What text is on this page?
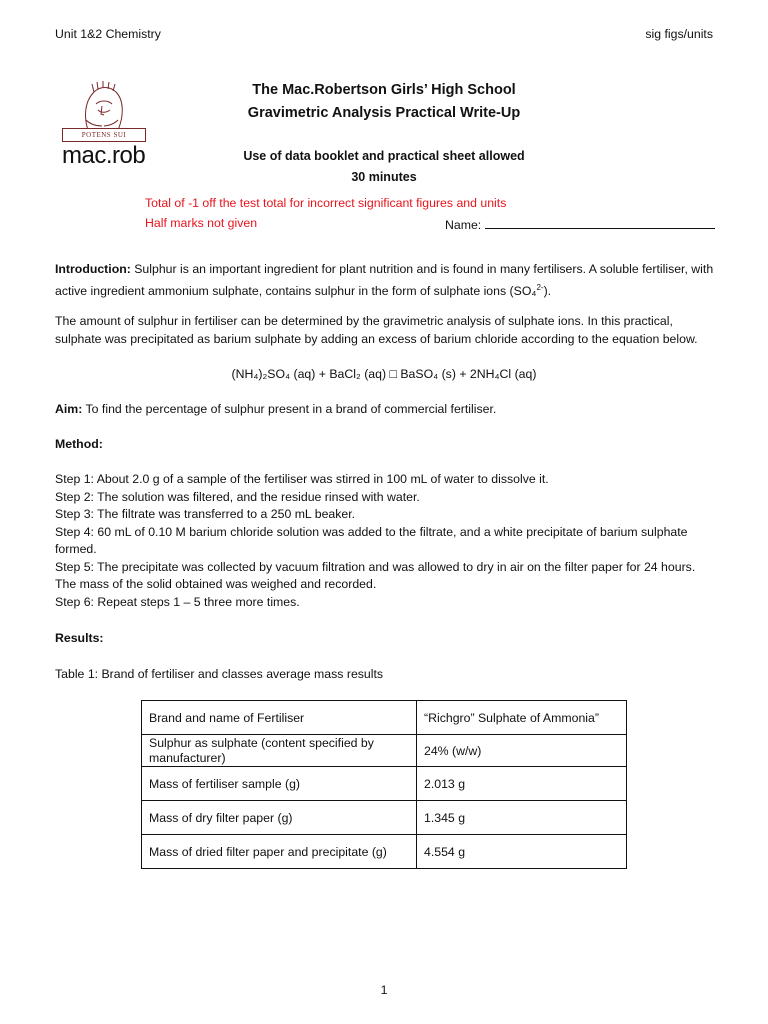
Unit 1&2 Chemistry	sig figs/units
POTENS SUI
mac.rob
The Mac.Robertson Girls’ High School
Gravimetric Analysis Practical Write-Up
Use of data booklet and practical sheet allowed
30 minutes
Total of -1 off the test total for incorrect significant figures and units
Half marks not given	Name:
Introduction: Sulphur is an important ingredient for plant nutrition and is found in many fertilisers. A soluble fertiliser, with active ingredient ammonium sulphate, contains sulphur in the form of sulphate ions (SO₄$^{2-}$).
The amount of sulphur in fertiliser can be determined by the gravimetric analysis of sulphate ions. In this practical, sulphate was precipitated as barium sulphate by adding an excess of barium chloride according to the equation below.
(NH₄)₂SO₄ (aq) + BaCl₂ (aq) □ BaSO₄ (s) + 2NH₄Cl (aq)
Aim: To find the percentage of sulphur present in a brand of commercial fertiliser.
Method:
Step 1: About 2.0 g of a sample of the fertiliser was stirred in 100 mL of water to dissolve it.
Step 2: The solution was filtered, and the residue rinsed with water.
Step 3: The filtrate was transferred to a 250 mL beaker.
Step 4: 60 mL of 0.10 M barium chloride solution was added to the filtrate, and a white precipitate of barium sulphate formed.
Step 5: The precipitate was collected by vacuum filtration and was allowed to dry in air on the filter paper for 24 hours. The mass of the solid obtained was weighed and recorded.
Step 6: Repeat steps 1 – 5 three more times.
Results:
Table 1: Brand of fertiliser and classes average mass results
Brand and name of Fertiliser	“Richgro” Sulphate of Ammonia”
Sulphur as sulphate (content specified by manufacturer)	24% (w/w)
Mass of fertiliser sample (g)	2.013 g
Mass of dry filter paper (g)	1.345 g
Mass of dried filter paper and precipitate (g)	4.554 g
1
